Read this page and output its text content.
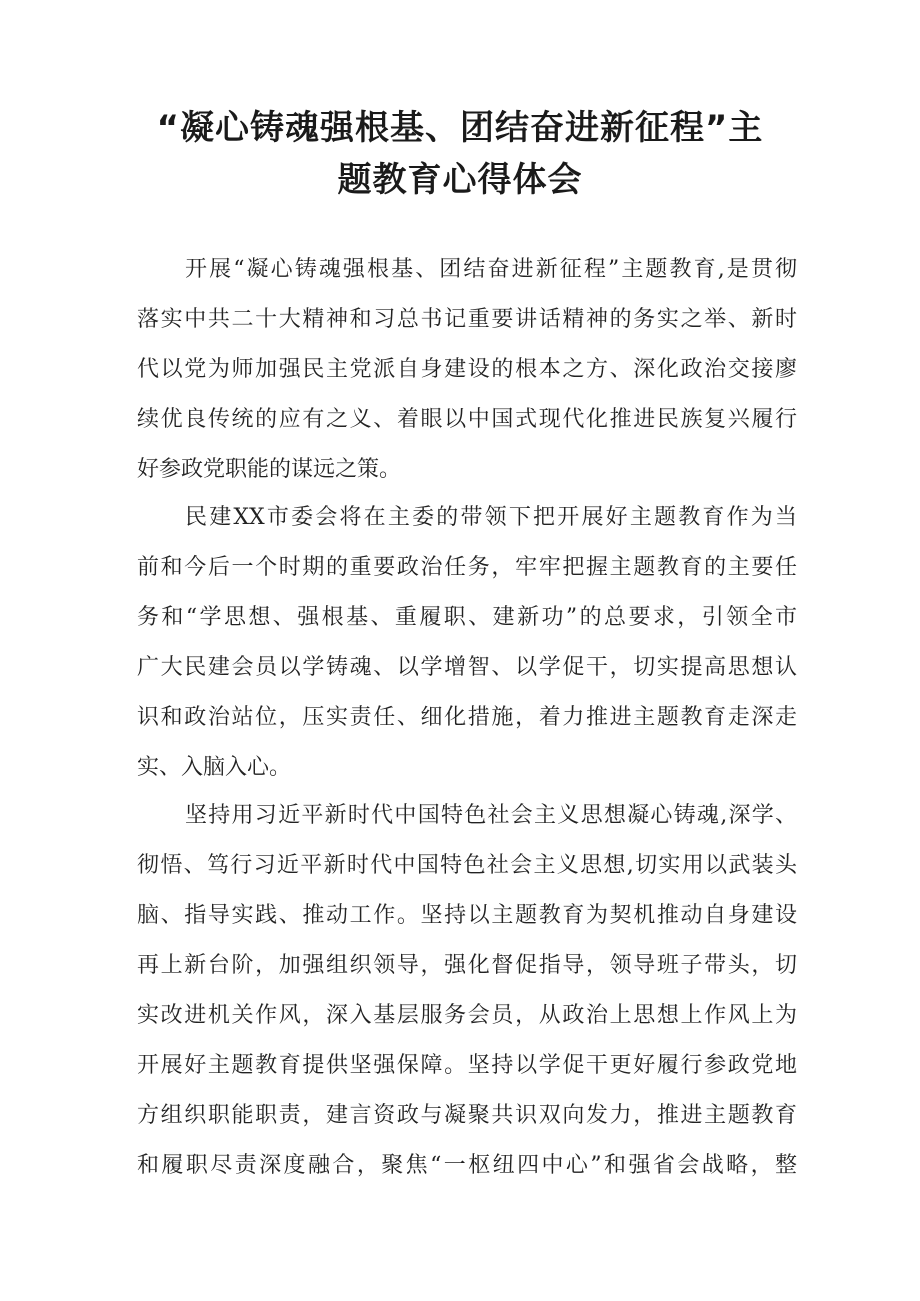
“凝心铸魂强根基、团结奋进新征程”主
题教育心得体会
开展“凝心铸魂强根基、团结奋进新征程”主题教育,是贯彻
落实中共二十大精神和习总书记重要讲话精神的务实之举、新时
代以党为师加强民主党派自身建设的根本之方、深化政治交接廖
续优良传统的应有之义、着眼以中国式现代化推进民族复兴履行
好参政党职能的谋远之策。
民建XX市委会将在主委的带领下把开展好主题教育作为当
前和今后一个时期的重要政治任务，牢牢把握主题教育的主要任
务和“学思想、强根基、重履职、建新功”的总要求，引领全市
广大民建会员以学铸魂、以学增智、以学促干，切实提高思想认
识和政治站位，压实责任、细化措施，着力推进主题教育走深走
实、入脑入心。
坚持用习近平新时代中国特色社会主义思想凝心铸魂,深学、
彻悟、笃行习近平新时代中国特色社会主义思想,切实用以武装头
脑、指导实践、推动工作。坚持以主题教育为契机推动自身建设
再上新台阶，加强组织领导，强化督促指导，领导班子带头，切
实改进机关作风，深入基层服务会员，从政治上思想上作风上为
开展好主题教育提供坚强保障。坚持以学促干更好履行参政党地
方组织职能职责，建言资政与凝聚共识双向发力，推进主题教育
和履职尽责深度融合，聚焦“一枢纽四中心”和强省会战略，整
